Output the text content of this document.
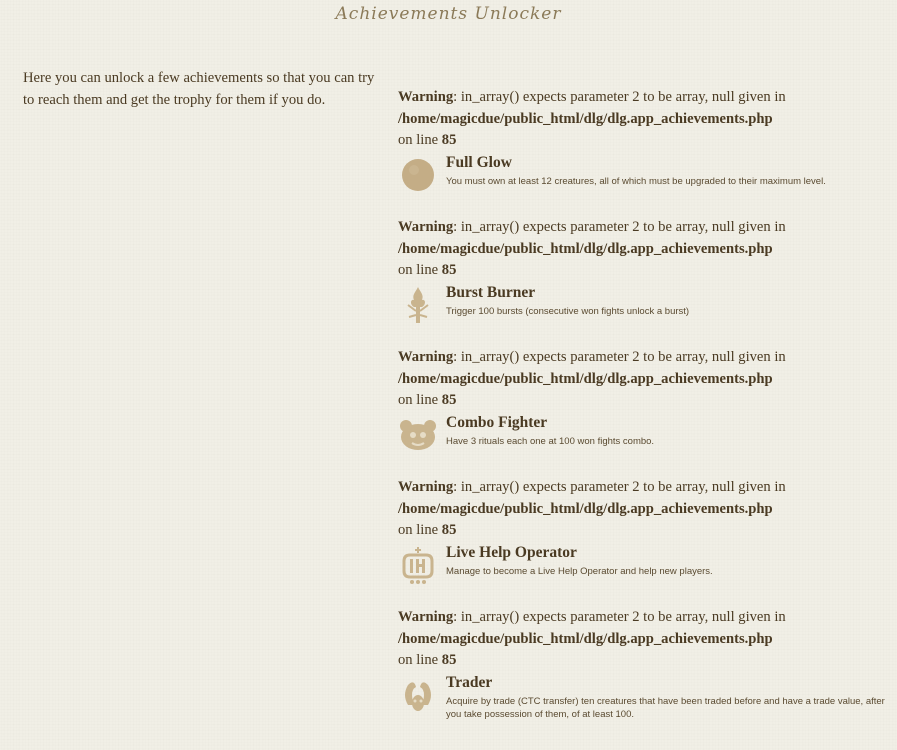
Achievements Unlocker
Here you can unlock a few achievements so that you can try to reach them and get the trophy for them if you do.	Warning: in_array() expects parameter 2 to be array, null given in
/home/magicdue/public_html/dlg/dlg.app_achievements.php
on line 85
Full Glow
You must own at least 12 creatures, all of which must be upgraded to their maximum level.
Warning: in_array() expects parameter 2 to be array, null given in
/home/magicdue/public_html/dlg/dlg.app_achievements.php
on line 85
Burst Burner
Trigger 100 bursts (consecutive won fights unlock a burst)
Warning: in_array() expects parameter 2 to be array, null given in
/home/magicdue/public_html/dlg/dlg.app_achievements.php
on line 85
Combo Fighter
Have 3 rituals each one at 100 won fights combo.
Warning: in_array() expects parameter 2 to be array, null given in
/home/magicdue/public_html/dlg/dlg.app_achievements.php
on line 85
Live Help Operator
Manage to become a Live Help Operator and help new players.
Warning: in_array() expects parameter 2 to be array, null given in
/home/magicdue/public_html/dlg/dlg.app_achievements.php
on line 85
Trader
Acquire by trade (CTC transfer) ten creatures that have been traded before and have a trade value, after you take possession of them, of at least 100.
